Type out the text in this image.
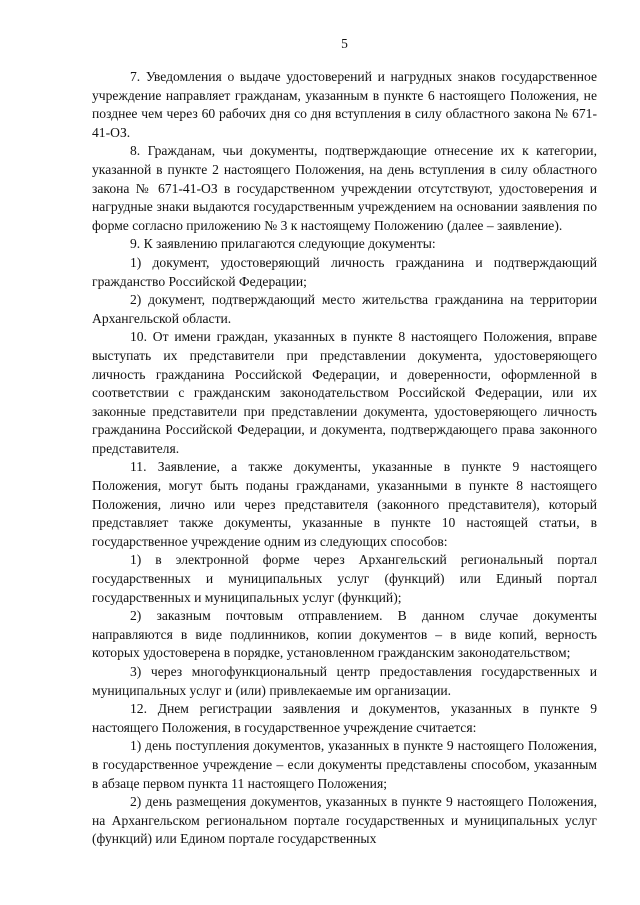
5

7. Уведомления о выдаче удостоверений и нагрудных знаков государственное учреждение направляет гражданам, указанным в пункте 6 настоящего Положения, не позднее чем через 60 рабочих дня со дня вступления в силу областного закона № 671-41-ОЗ.

8. Гражданам, чьи документы, подтверждающие отнесение их к категории, указанной в пункте 2 настоящего Положения, на день вступления в силу областного закона № 671-41-ОЗ в государственном учреждении отсутствуют, удостоверения и нагрудные знаки выдаются государственным учреждением на основании заявления по форме согласно приложению № 3 к настоящему Положению (далее – заявление).

9. К заявлению прилагаются следующие документы:

1) документ, удостоверяющий личность гражданина и подтверждающий гражданство Российской Федерации;

2) документ, подтверждающий место жительства гражданина на территории Архангельской области.

10. От имени граждан, указанных в пункте 8 настоящего Положения, вправе выступать их представители при представлении документа, удостоверяющего личность гражданина Российской Федерации, и доверенности, оформленной в соответствии с гражданским законодательством Российской Федерации, или их законные представители при представлении документа, удостоверяющего личность гражданина Российской Федерации, и документа, подтверждающего права законного представителя.

11. Заявление, а также документы, указанные в пункте 9 настоящего Положения, могут быть поданы гражданами, указанными в пункте 8 настоящего Положения, лично или через представителя (законного представителя), который представляет также документы, указанные в пункте 10 настоящей статьи, в государственное учреждение одним из следующих способов:

1) в электронной форме через Архангельский региональный портал государственных и муниципальных услуг (функций) или Единый портал государственных и муниципальных услуг (функций);

2) заказным почтовым отправлением. В данном случае документы направляются в виде подлинников, копии документов – в виде копий, верность которых удостоверена в порядке, установленном гражданским законодательством;

3) через многофункциональный центр предоставления государственных и муниципальных услуг и (или) привлекаемые им организации.

12. Днем регистрации заявления и документов, указанных в пункте 9 настоящего Положения, в государственное учреждение считается:

1) день поступления документов, указанных в пункте 9 настоящего Положения, в государственное учреждение – если документы представлены способом, указанным в абзаце первом пункта 11 настоящего Положения;

2) день размещения документов, указанных в пункте 9 настоящего Положения, на Архангельском региональном портале государственных и муниципальных услуг (функций) или Едином портале государственных
